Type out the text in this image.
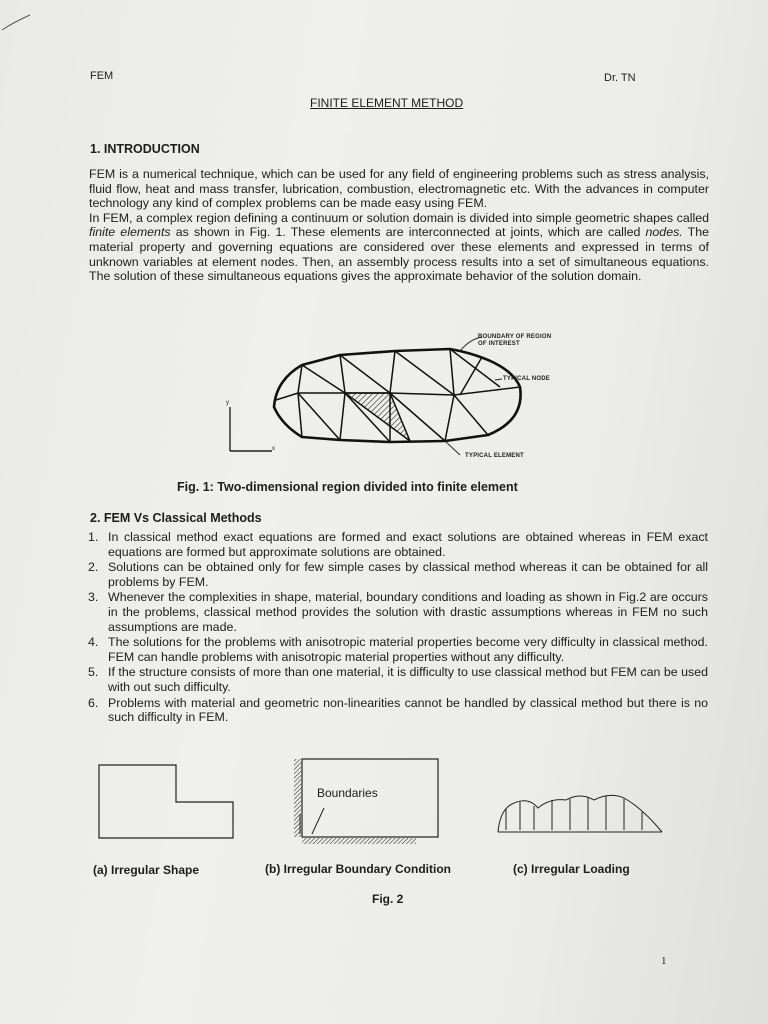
FEM	Dr. TN
FINITE ELEMENT METHOD
1. INTRODUCTION

FEM is a numerical technique, which can be used for any field of engineering problems such as stress analysis, fluid flow, heat and mass transfer, lubrication, combustion, electromagnetic etc. With the advances in computer technology any kind of complex problems can be made easy using FEM.

In FEM, a complex region defining a continuum or solution domain is divided into simple geometric shapes called finite elements as shown in Fig. 1. These elements are interconnected at joints, which are called nodes. The material property and governing equations are considered over these elements and expressed in terms of unknown variables at element nodes. Then, an assembly process results into a set of simultaneous equations. The solution of these simultaneous equations gives the approximate behavior of the solution domain.

BOUNDARY OF REGION
OF INTEREST
TYPICAL NODE
TYPICAL ELEMENT
y
x
Fig. 1: Two-dimensional region divided into finite element
2. FEM Vs Classical Methods
1. In classical method exact equations are formed and exact solutions are obtained whereas in FEM exact equations are formed but approximate solutions are obtained.
2. Solutions can be obtained only for few simple cases by classical method whereas it can be obtained for all problems by FEM.
3. Whenever the complexities in shape, material, boundary conditions and loading as shown in Fig.2 are occurs in the problems, classical method provides the solution with drastic assumptions whereas in FEM no such assumptions are made.
4. The solutions for the problems with anisotropic material properties become very difficulty in classical method. FEM can handle problems with anisotropic material properties without any difficulty.
5. If the structure consists of more than one material, it is difficulty to use classical method but FEM can be used with out such difficulty.
6. Problems with material and geometric non-linearities cannot be handled by classical method but there is no such difficulty in FEM.
Boundaries
(a) Irregular Shape	(b) Irregular Boundary Condition	(c) Irregular Loading
Fig. 2
1
